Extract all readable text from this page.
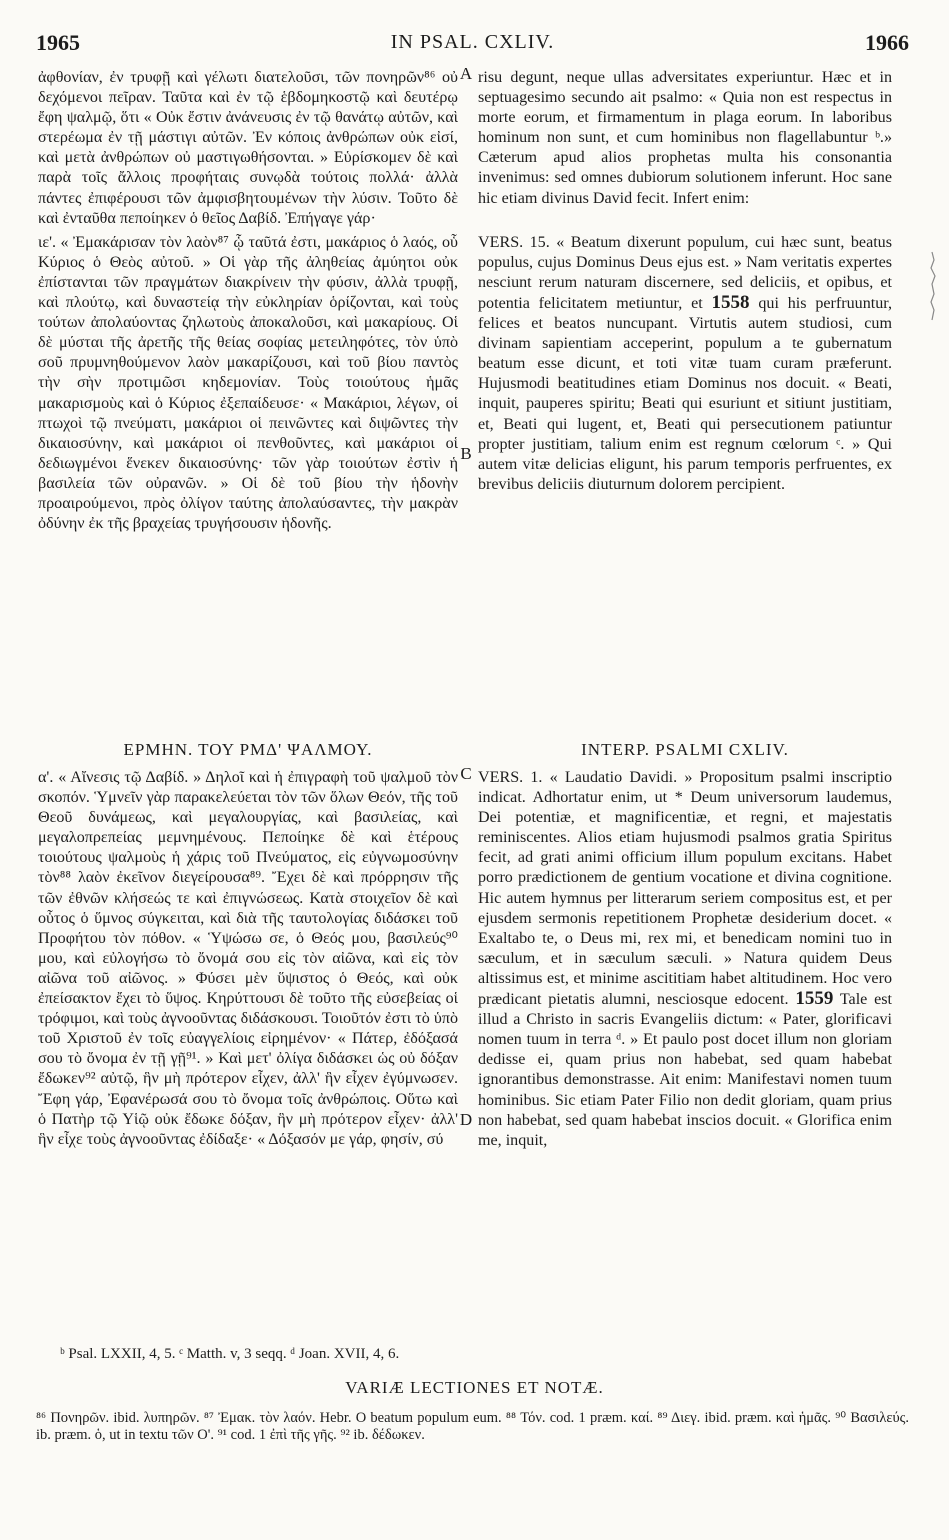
1965	IN PSAL. CXLIV.	1966

ἀφθονίαν, ἐν τρυφῇ καὶ γέλωτι διατελοῦσι, τῶν πονηρῶν⁸⁶ οὐ δεχόμενοι πεῖραν. Ταῦτα καὶ ἐν τῷ ἑβδομηκοστῷ καὶ δευτέρῳ ἔφη ψαλμῷ, ὅτι « Οὐκ ἔστιν ἀνάνευσις ἐν τῷ θανάτῳ αὐτῶν, καὶ στερέωμα ἐν τῇ μάστιγι αὐτῶν. Ἐν κόποις ἀνθρώπων οὐκ εἰσί, καὶ μετὰ ἀνθρώπων οὐ μαστιγωθήσονται. » Εὑρίσκομεν δὲ καὶ παρὰ τοῖς ἄλλοις προφήταις συνῳδὰ τούτοις πολλά· ἀλλὰ πάντες ἐπιφέρουσι τῶν ἀμφισβητουμένων τὴν λύσιν. Τοῦτο δὲ καὶ ἐνταῦθα πεποίηκεν ὁ θεῖος Δαβίδ. Ἐπήγαγε γάρ·

ιε'. « Ἐμακάρισαν τὸν λαὸν⁸⁷ ᾧ ταῦτά ἐστι, μακάριος ὁ λαός, οὗ Κύριος ὁ Θεὸς αὐτοῦ. » Οἱ γὰρ τῆς ἀληθείας ἀμύητοι οὐκ ἐπίστανται τῶν πραγμάτων διακρίνειν τὴν φύσιν, ἀλλὰ τρυφῇ, καὶ πλούτῳ, καὶ δυναστείᾳ τὴν εὐκληρίαν ὁρίζονται, καὶ τοὺς τούτων ἀπολαύοντας ζηλωτοὺς ἀποκαλοῦσι, καὶ μακαρίους. Οἱ δὲ μύσται τῆς ἀρετῆς τῆς θείας σοφίας μετειληφότες, τὸν ὑπὸ σοῦ πρυμνηθούμενον λαὸν μακαρίζουσι, καὶ τοῦ βίου παντὸς τὴν σὴν προτιμῶσι κηδεμονίαν. Τοὺς τοιούτους ἡμᾶς μακαρισμοὺς καὶ ὁ Κύριος ἐξεπαίδευσε· « Μακάριοι, λέγων, οἱ πτωχοὶ τῷ πνεύματι, μακάριοι οἱ πεινῶντες καὶ διψῶντες τὴν δικαιοσύνην, καὶ μακάριοι οἱ πενθοῦντες, καὶ μακάριοι οἱ δεδιωγμένοι ἕνεκεν δικαιοσύνης· τῶν γὰρ τοιούτων ἐστὶν ἡ βασιλεία τῶν οὐρανῶν. » Οἱ δὲ τοῦ βίου τὴν ἡδονὴν προαιρούμενοι, πρὸς ὀλίγον ταύτης ἀπολαύσαντες, τὴν μακρὰν ὀδύνην ἐκ τῆς βραχείας τρυγήσουσιν ἡδονῆς.

risu degunt, neque ullas adversitates experiuntur. Hæc et in septuagesimo secundo ait psalmo: « Quia non est respectus in morte eorum, et firmamentum in plaga eorum. In laboribus hominum non sunt, et cum hominibus non flagellabuntur ᵇ.» Cæterum apud alios prophetas multa his consonantia invenimus: sed omnes dubiorum solutionem inferunt. Hoc sane hic etiam divinus David fecit. Infert enim:

VERS. 15. « Beatum dixerunt populum, cui hæc sunt, beatus populus, cujus Dominus Deus ejus est. » Nam veritatis expertes nesciunt rerum naturam discernere, sed deliciis, et opibus, et potentia felicitatem metiuntur, et 1558 qui his perfruuntur, felices et beatos nuncupant. Virtutis autem studiosi, cum divinam sapientiam acceperint, populum a te gubernatum beatum esse dicunt, et toti vitæ tuam curam præferunt. Hujusmodi beatitudines etiam Dominus nos docuit. « Beati, inquit, pauperes spiritu; Beati qui esuriunt et sitiunt justitiam, et, Beati qui lugent, et, Beati qui persecutionem patiuntur propter justitiam, talium enim est regnum cœlorum ᶜ. » Qui autem vitæ delicias eligunt, his parum temporis perfruentes, ex brevibus deliciis diuturnum dolorem percipient.

A
B
ΕΡΜΗΝ. ΤΟΥ ΡΜΔ' ΨΑΛΜΟΥ.	INTERP. PSALMI CXLIV.
C
D

α'. « Αἴνεσις τῷ Δαβίδ. » Δηλοῖ καὶ ἡ ἐπιγραφὴ τοῦ ψαλμοῦ τὸν σκοπόν. Ὑμνεῖν γὰρ παρακελεύεται τὸν τῶν ὅλων Θεόν, τῆς τοῦ Θεοῦ δυνάμεως, καὶ μεγαλουργίας, καὶ βασιλείας, καὶ μεγαλοπρεπείας μεμνημένους. Πεποίηκε δὲ καὶ ἑτέρους τοιούτους ψαλμοὺς ἡ χάρις τοῦ Πνεύματος, εἰς εὐγνωμοσύνην τὸν⁸⁸ λαὸν ἐκεῖνον διεγείρουσα⁸⁹. Ἔχει δὲ καὶ πρόρρησιν τῆς τῶν ἐθνῶν κλήσεώς τε καὶ ἐπιγνώσεως. Κατὰ στοιχεῖον δὲ καὶ οὗτος ὁ ὕμνος σύγκειται, καὶ διὰ τῆς ταυτολογίας διδάσκει τοῦ Προφήτου τὸν πόθον. « Ὑψώσω σε, ὁ Θεός μου, βασιλεύς⁹⁰ μου, καὶ εὐλογήσω τὸ ὄνομά σου εἰς τὸν αἰῶνα, καὶ εἰς τὸν αἰῶνα τοῦ αἰῶνος. » Φύσει μὲν ὕψιστος ὁ Θεός, καὶ οὐκ ἐπείσακτον ἔχει τὸ ὕψος. Κηρύττουσι δὲ τοῦτο τῆς εὐσεβείας οἱ τρόφιμοι, καὶ τοὺς ἀγνοοῦντας διδάσκουσι. Τοιοῦτόν ἐστι τὸ ὑπὸ τοῦ Χριστοῦ ἐν τοῖς εὐαγγελίοις εἰρημένον· « Πάτερ, ἐδόξασά σου τὸ ὄνομα ἐν τῇ γῇ⁹¹. » Καὶ μετ' ὀλίγα διδάσκει ὡς οὐ δόξαν ἔδωκεν⁹² αὐτῷ, ἣν μὴ πρότερον εἶχεν, ἀλλ' ἣν εἶχεν ἐγύμνωσεν. Ἔφη γάρ, Ἐφανέρωσά σου τὸ ὄνομα τοῖς ἀνθρώποις. Οὕτω καὶ ὁ Πατὴρ τῷ Υἱῷ οὐκ ἔδωκε δόξαν, ἣν μὴ πρότερον εἶχεν· ἀλλ' ἣν εἶχε τοὺς ἀγνοοῦντας ἐδίδαξε· « Δόξασόν με γάρ, φησίν, σύ

VERS. 1. « Laudatio Davidi. » Propositum psalmi inscriptio indicat. Adhortatur enim, ut * Deum universorum laudemus, Dei potentiæ, et magnificentiæ, et regni, et majestatis reminiscentes. Alios etiam hujusmodi psalmos gratia Spiritus fecit, ad grati animi officium illum populum excitans. Habet porro prædictionem de gentium vocatione et divina cognitione. Hic autem hymnus per litterarum seriem compositus est, et per ejusdem sermonis repetitionem Prophetæ desiderium docet. « Exaltabo te, o Deus mi, rex mi, et benedicam nomini tuo in sæculum, et in sæculum sæculi. » Natura quidem Deus altissimus est, et minime ascititiam habet altitudinem. Hoc vero prædicant pietatis alumni, nesciosque edocent. 1559 Tale est illud a Christo in sacris Evangeliis dictum: « Pater, glorificavi nomen tuum in terra ᵈ. » Et paulo post docet illum non gloriam dedisse ei, quam prius non habebat, sed quam habebat ignorantibus demonstrasse. Ait enim: Manifestavi nomen tuum hominibus. Sic etiam Pater Filio non dedit gloriam, quam prius non habebat, sed quam habebat inscios docuit. « Glorifica enim me, inquit,

ᵇ Psal. LXXII, 4, 5. ᶜ Matth. v, 3 seqq. ᵈ Joan. XVII, 4, 6.
VARIÆ LECTIONES ET NOTÆ.
⁸⁶ Πονηρῶν. ibid. λυπηρῶν. ⁸⁷ Ἐμακ. τὸν λαόν. Hebr. O beatum populum eum. ⁸⁸ Τόν. cod. 1 præm. καί. ⁸⁹ Διεγ. ibid. præm. καὶ ἡμᾶς. ⁹⁰ Βασιλεύς. ib. præm. ὁ, ut in textu τῶν Ο'. ⁹¹ cod. 1 ἐπὶ τῆς γῆς. ⁹² ib. δέδωκεν.
